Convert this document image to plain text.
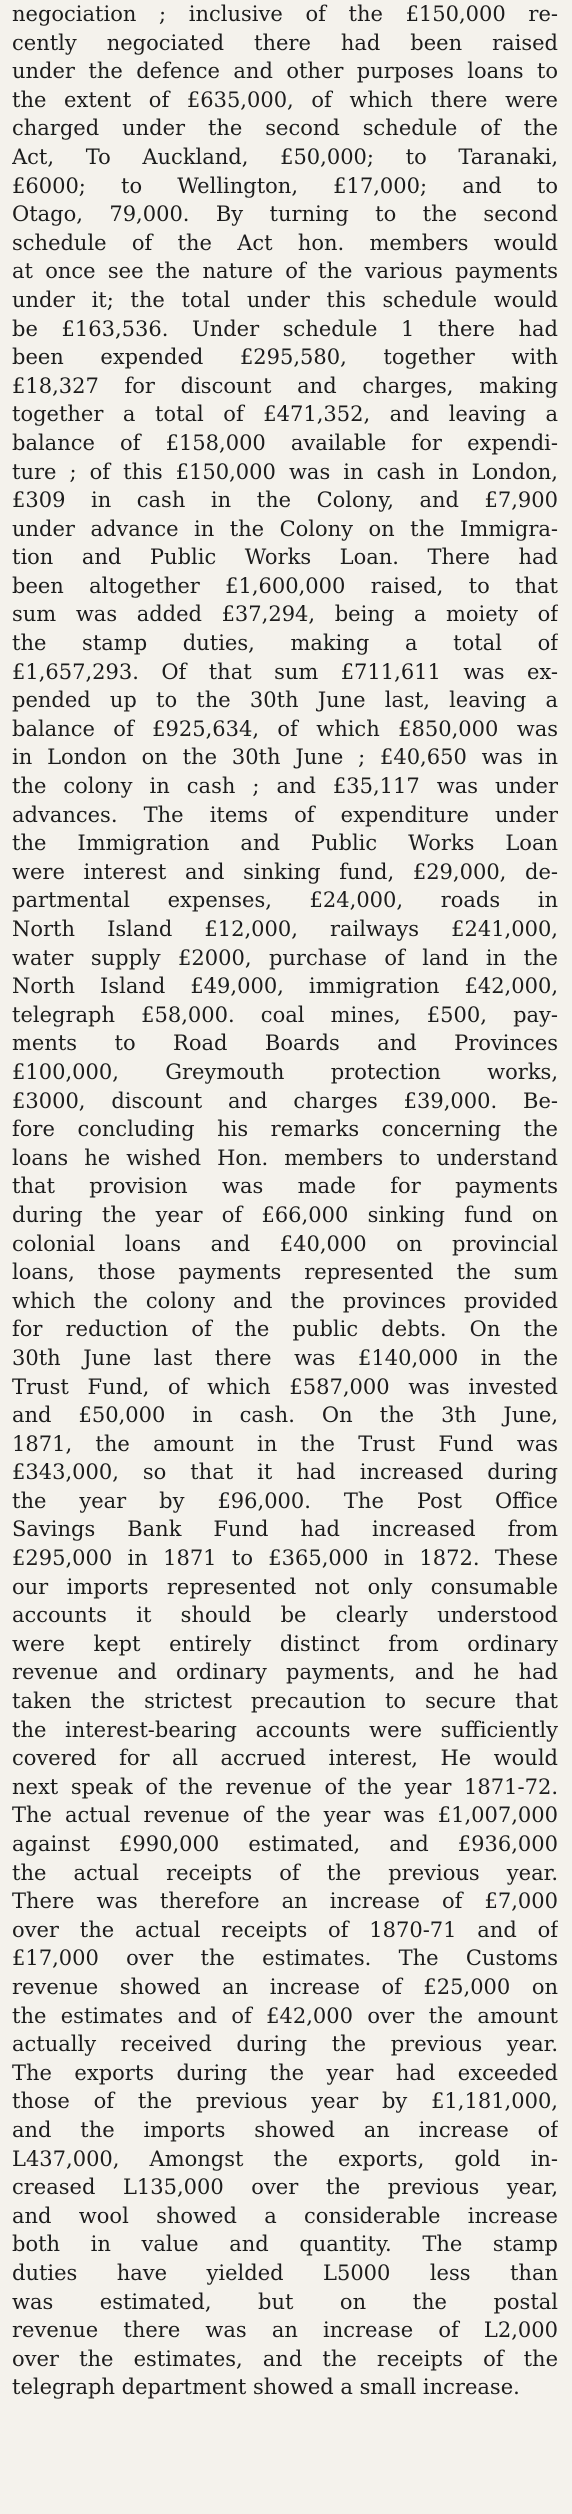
negociation ; inclusive of the £150,000 re-
cently negociated there had been raised
under the defence and other purposes loans to
the extent of £635,000, of which there were
charged under the second schedule of the
Act, To Auckland, £50,000; to Taranaki,
£6000; to Wellington, £17,000; and to
Otago, 79,000. By turning to the second
schedule of the Act hon. members would
at once see the nature of the various payments
under it; the total under this schedule would
be £163,536. Under schedule 1 there had
been expended £295,580, together with
£18,327 for discount and charges, making
together a total of £471,352, and leaving a
balance of £158,000 available for expendi-
ture ; of this £150,000 was in cash in London,
£309 in cash in the Colony, and £7,900
under advance in the Colony on the Immigra-
tion and Public Works Loan. There had
been altogether £1,600,000 raised, to that
sum was added £37,294, being a moiety of
the stamp duties, making a total of
£1,657,293. Of that sum £711,611 was ex-
pended up to the 30th June last, leaving a
balance of £925,634, of which £850,000 was
in London on the 30th June ; £40,650 was in
the colony in cash ; and £35,117 was under
advances. The items of expenditure under
the Immigration and Public Works Loan
were interest and sinking fund, £29,000, de-
partmental expenses, £24,000, roads in
North Island £12,000, railways £241,000,
water supply £2000, purchase of land in the
North Island £49,000, immigration £42,000,
telegraph £58,000. coal mines, £500, pay-
ments to Road Boards and Provinces
£100,000, Greymouth protection works,
£3000, discount and charges £39,000. Be-
fore concluding his remarks concerning the
loans he wished Hon. members to understand
that provision was made for payments
during the year of £66,000 sinking fund on
colonial loans and £40,000 on provincial
loans, those payments represented the sum
which the colony and the provinces provided
for reduction of the public debts. On the
30th June last there was £140,000 in the
Trust Fund, of which £587,000 was invested
and £50,000 in cash. On the 3th June,
1871, the amount in the Trust Fund was
£343,000, so that it had increased during
the year by £96,000. The Post Office
Savings Bank Fund had increased from
£295,000 in 1871 to £365,000 in 1872. These
our imports represented not only consumable
accounts it should be clearly understood
were kept entirely distinct from ordinary
revenue and ordinary payments, and he had
taken the strictest precaution to secure that
the interest-bearing accounts were sufficiently
covered for all accrued interest, He would
next speak of the revenue of the year 1871-72.
The actual revenue of the year was £1,007,000
against £990,000 estimated, and £936,000
the actual receipts of the previous year.
There was therefore an increase of £7,000
over the actual receipts of 1870-71 and of
£17,000 over the estimates. The Customs
revenue showed an increase of £25,000 on
the estimates and of £42,000 over the amount
actually received during the previous year.
The exports during the year had exceeded
those of the previous year by £1,181,000,
and the imports showed an increase of
L437,000, Amongst the exports, gold in-
creased L135,000 over the previous year,
and wool showed a considerable increase
both in value and quantity. The stamp
duties have yielded L5000 less than
was estimated, but on the postal
revenue there was an increase of L2,000
over the estimates, and the receipts of the
telegraph department showed a small increase.
